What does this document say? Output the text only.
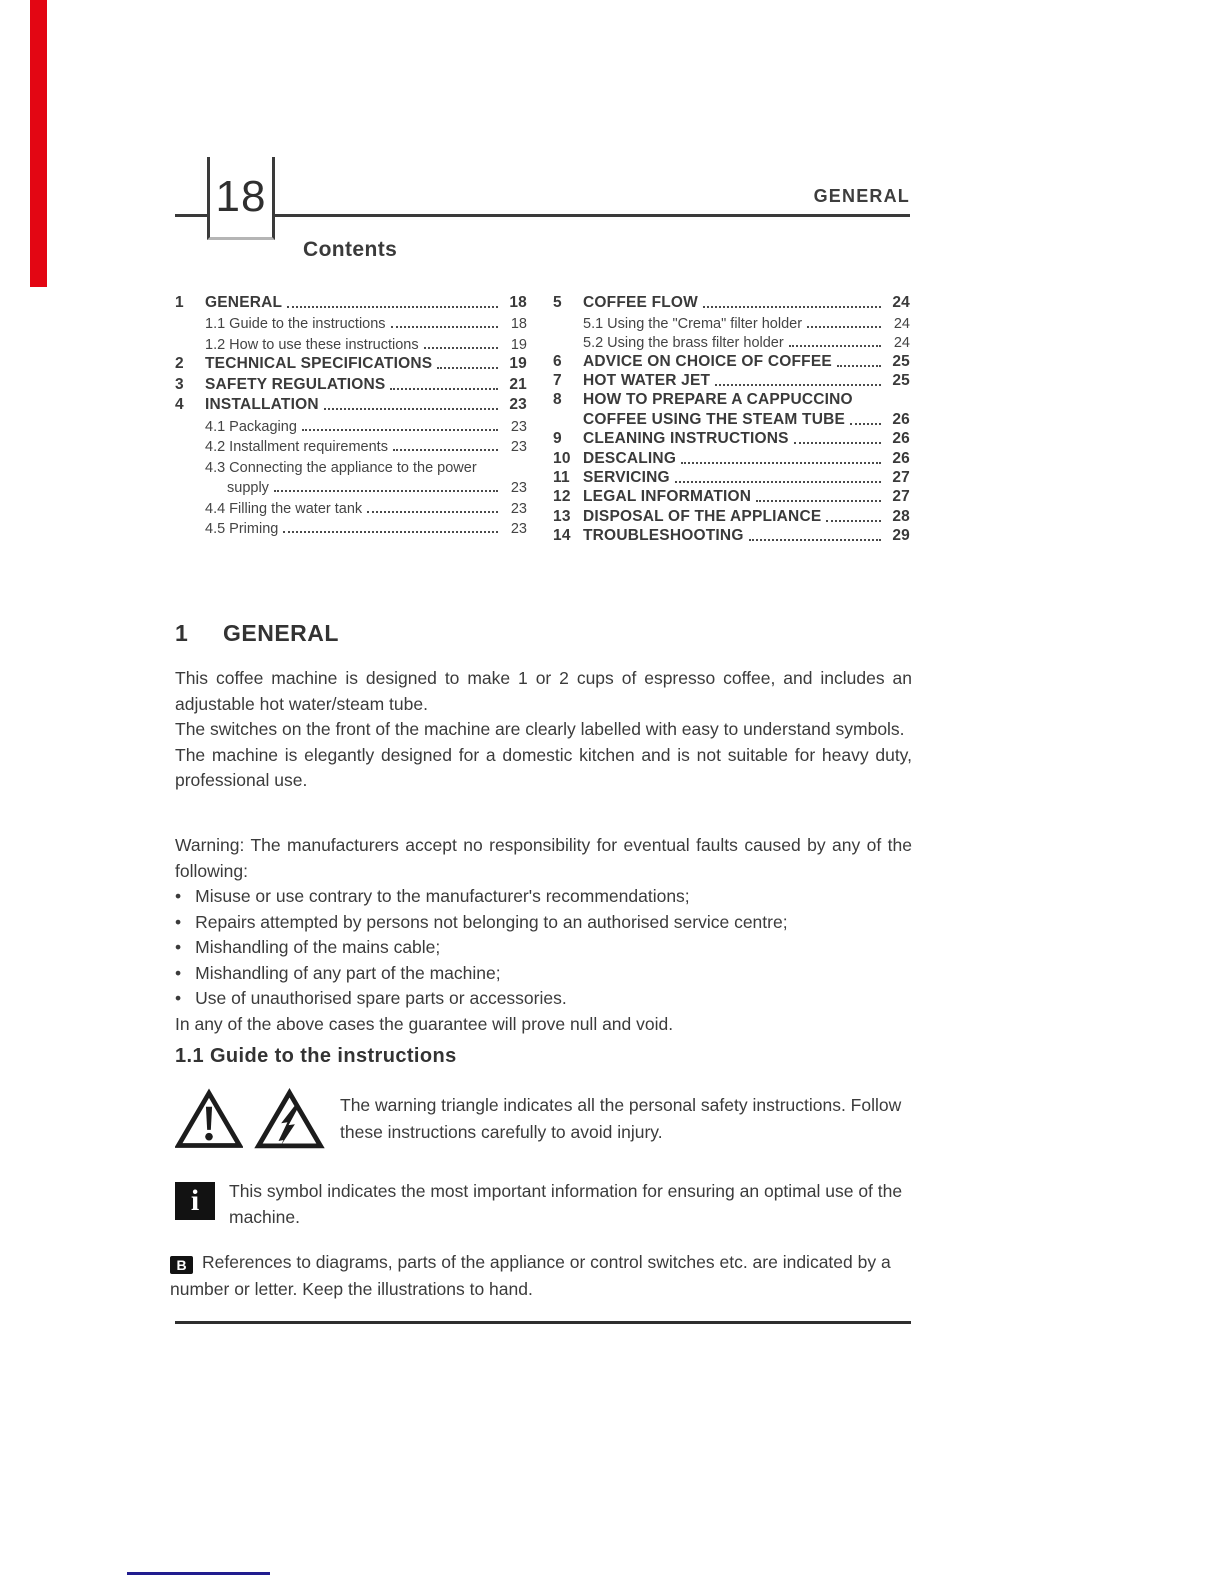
18	GENERAL
Contents
1	GENERAL	18
1.1 Guide to the instructions	18
1.2 How to use these instructions	19
2	TECHNICAL SPECIFICATIONS	19
3	SAFETY REGULATIONS	21
4	INSTALLATION	23
4.1 Packaging	23
4.2 Installment requirements	23
4.3 Connecting the appliance to the power
supply	23
4.4 Filling the water tank	23
4.5 Priming	23
5	COFFEE FLOW	24
5.1 Using the "Crema" filter holder	24
5.2 Using the brass filter holder	24
6	ADVICE ON CHOICE OF COFFEE	25
7	HOT WATER JET	25
8	HOW TO PREPARE A CAPPUCCINO
COFFEE USING THE STEAM TUBE	26
9	CLEANING INSTRUCTIONS	26
10 DESCALING	26
11 SERVICING	27
12 LEGAL INFORMATION	27
13 DISPOSAL OF THE APPLIANCE	28
14 TROUBLESHOOTING	29
1	GENERAL

This coffee machine is designed to make 1 or 2 cups of espresso coffee, and includes an adjustable hot water/steam tube.

The switches on the front of the machine are clearly labelled with easy to understand symbols.

The machine is elegantly designed for a domestic kitchen and is not suitable for heavy duty, professional use.

Warning: The manufacturers accept no responsibility for eventual faults caused by any of the following:

• Misuse or use contrary to the manufacturer's recommendations;
• Repairs attempted by persons not belonging to an authorised service centre;
• Mishandling of the mains cable;
• Mishandling of any part of the machine;
• Use of unauthorised spare parts or accessories.

In any of the above cases the guarantee will prove null and void.

1.1 Guide to the instructions
The warning triangle indicates all the personal safety instructions. Follow these instructions carefully to avoid injury.
i	This symbol indicates the most important information for ensuring an optimal use of the machine.
B References to diagrams, parts of the appliance or control switches etc. are indicated by a number or letter. Keep the illustrations to hand.
